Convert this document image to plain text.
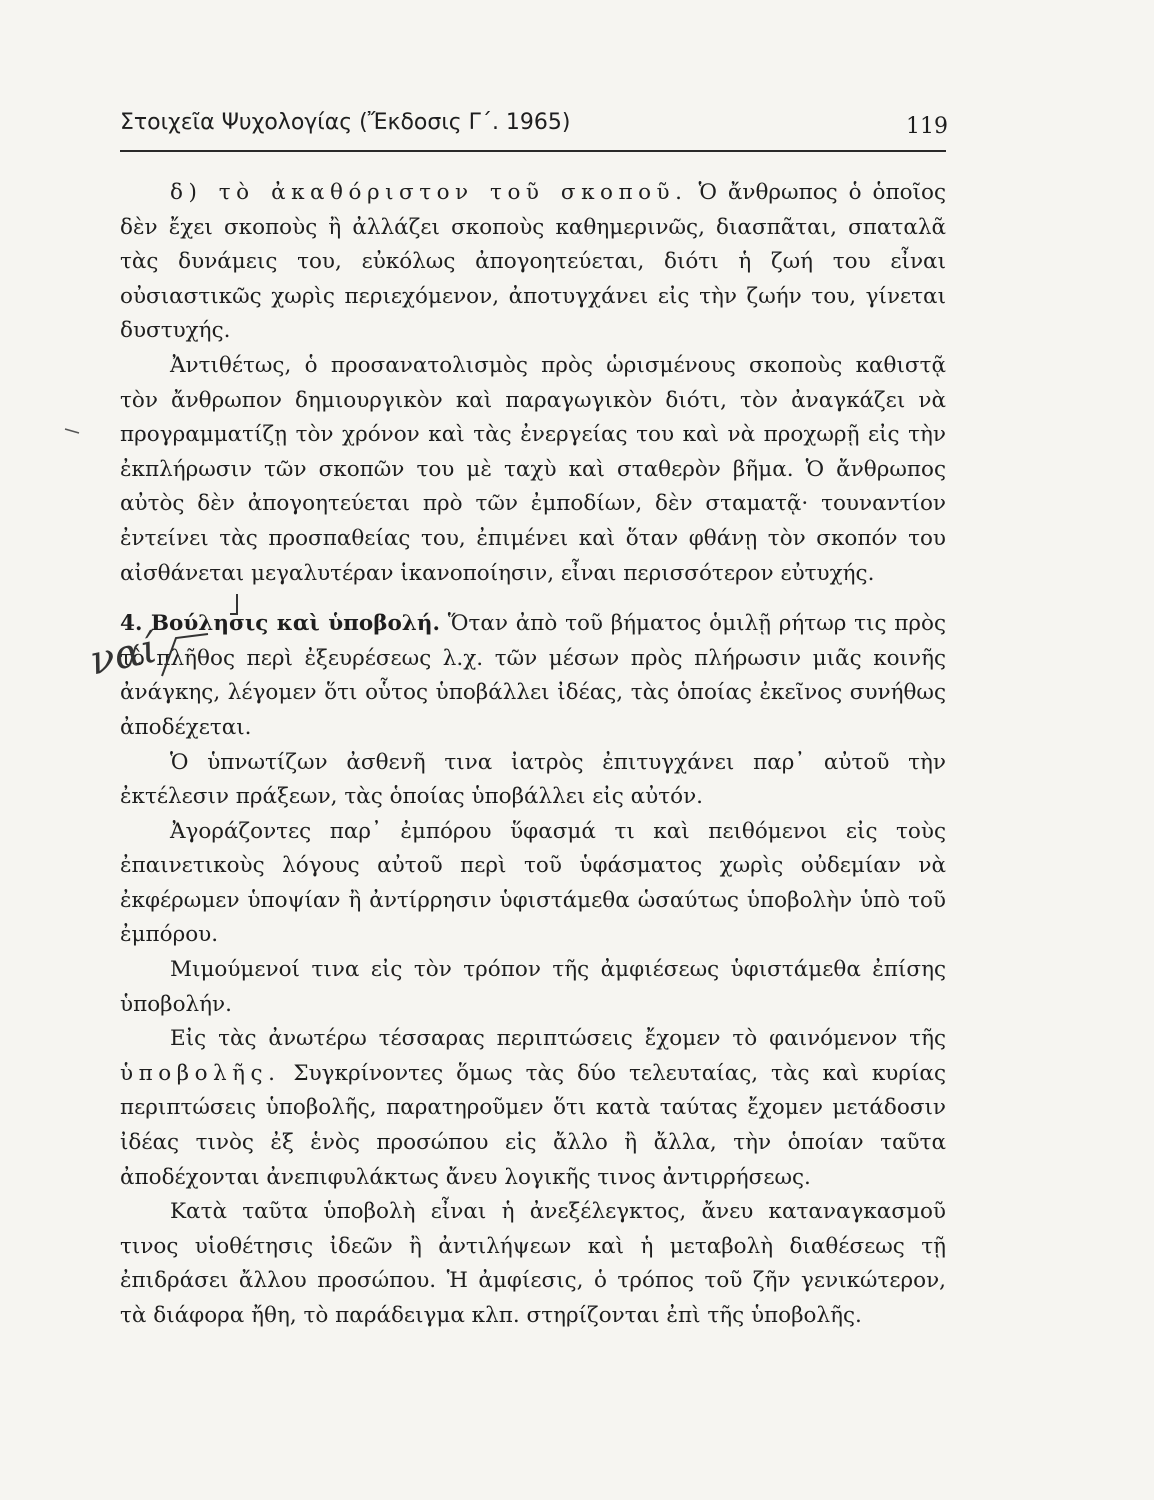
Στοιχεῖα Ψυχολογίας (Ἔκδοσις Γ΄. 1965)	119

δ) τὸ ἀκαθόριστον τοῦ σκοποῦ. Ὁ ἄνθρωπος ὁ ὁποῖος δὲν ἔχει σκοποὺς ἢ ἀλλάζει σκοποὺς καθημερινῶς, διασπᾶται, σπαταλᾶ τὰς δυνάμεις του, εὐκόλως ἀπογοητεύεται, διότι ἡ ζωή του εἶναι οὐσιαστικῶς χωρὶς περιεχόμενον, ἀποτυγχάνει εἰς τὴν ζωήν του, γίνεται δυστυχής.

Ἀντιθέτως, ὁ προσανατολισμὸς πρὸς ὡρισμένους σκοποὺς καθιστᾷ τὸν ἄνθρωπον δημιουργικὸν καὶ παραγωγικὸν διότι, τὸν ἀναγκάζει νὰ προγραμματίζῃ τὸν χρόνον καὶ τὰς ἐνεργείας του καὶ νὰ προχωρῇ εἰς τὴν ἐκπλήρωσιν τῶν σκοπῶν του μὲ ταχὺ καὶ σταθερὸν βῆμα. Ὁ ἄνθρωπος αὐτὸς δὲν ἀπογοητεύεται πρὸ τῶν ἐμποδίων, δὲν σταματᾷ· τουναντίον ἐντείνει τὰς προσπαθείας του, ἐπιμένει καὶ ὅταν φθάνῃ τὸν σκοπόν του αἰσθάνεται μεγαλυτέραν ἱκανοποίησιν, εἶναι περισσότερον εὐτυχής.

4. Βούλησις καὶ ὑποβολή. Ὅταν ἀπὸ τοῦ βήματος ὁμιλῇ ρήτωρ τις πρὸς τὸ πλῆθος περὶ ἐξευρέσεως λ.χ. τῶν μέσων πρὸς πλήρωσιν μιᾶς κοινῆς ἀνάγκης, λέγομεν ὅτι οὗτος ὑποβάλλει ἰδέας, τὰς ὁποίας ἐκεῖνος συνήθως ἀποδέχεται.

Ὁ ὑπνωτίζων ἀσθενῆ τινα ἰατρὸς ἐπιτυγχάνει παρ᾿ αὐτοῦ τὴν ἐκτέλεσιν πράξεων, τὰς ὁποίας ὑποβάλλει εἰς αὐτόν.

Ἀγοράζοντες παρ᾿ ἐμπόρου ὕφασμά τι καὶ πειθόμενοι εἰς τοὺς ἐπαινετικοὺς λόγους αὐτοῦ περὶ τοῦ ὑφάσματος χωρὶς οὐδεμίαν νὰ ἐκφέρωμεν ὑποψίαν ἢ ἀντίρρησιν ὑφιστάμεθα ὡσαύτως ὑποβολὴν ὑπὸ τοῦ ἐμπόρου.

Μιμούμενοί τινα εἰς τὸν τρόπον τῆς ἀμφιέσεως ὑφιστάμεθα ἐπίσης ὑποβολήν.

Εἰς τὰς ἀνωτέρω τέσσαρας περιπτώσεις ἔχομεν τὸ φαινόμενον τῆς ὑποβολῆς. Συγκρίνοντες ὅμως τὰς δύο τελευταίας, τὰς καὶ κυρίας περιπτώσεις ὑποβολῆς, παρατηροῦμεν ὅτι κατὰ ταύτας ἔχομεν μετάδοσιν ἰδέας τινὸς ἐξ ἑνὸς προσώπου εἰς ἄλλο ἢ ἄλλα, τὴν ὁποίαν ταῦτα ἀποδέχονται ἀνεπιφυλάκτως ἄνευ λογικῆς τινος ἀντιρρήσεως.

Κατὰ ταῦτα ὑποβολὴ εἶναι ἡ ἀνεξέλεγκτος, ἄνευ καταναγκασμοῦ τινος υἱοθέτησις ἰδεῶν ἢ ἀντιλήψεων καὶ ἡ μεταβολὴ διαθέσεως τῇ ἐπιδράσει ἄλλου προσώπου. Ἡ ἀμφίεσις, ὁ τρόπος τοῦ ζῆν γενικώτερον, τὰ διάφορα ἤθη, τὸ παράδειγμα κλπ. στηρίζονται ἐπὶ τῆς ὑποβολῆς.

ναί
